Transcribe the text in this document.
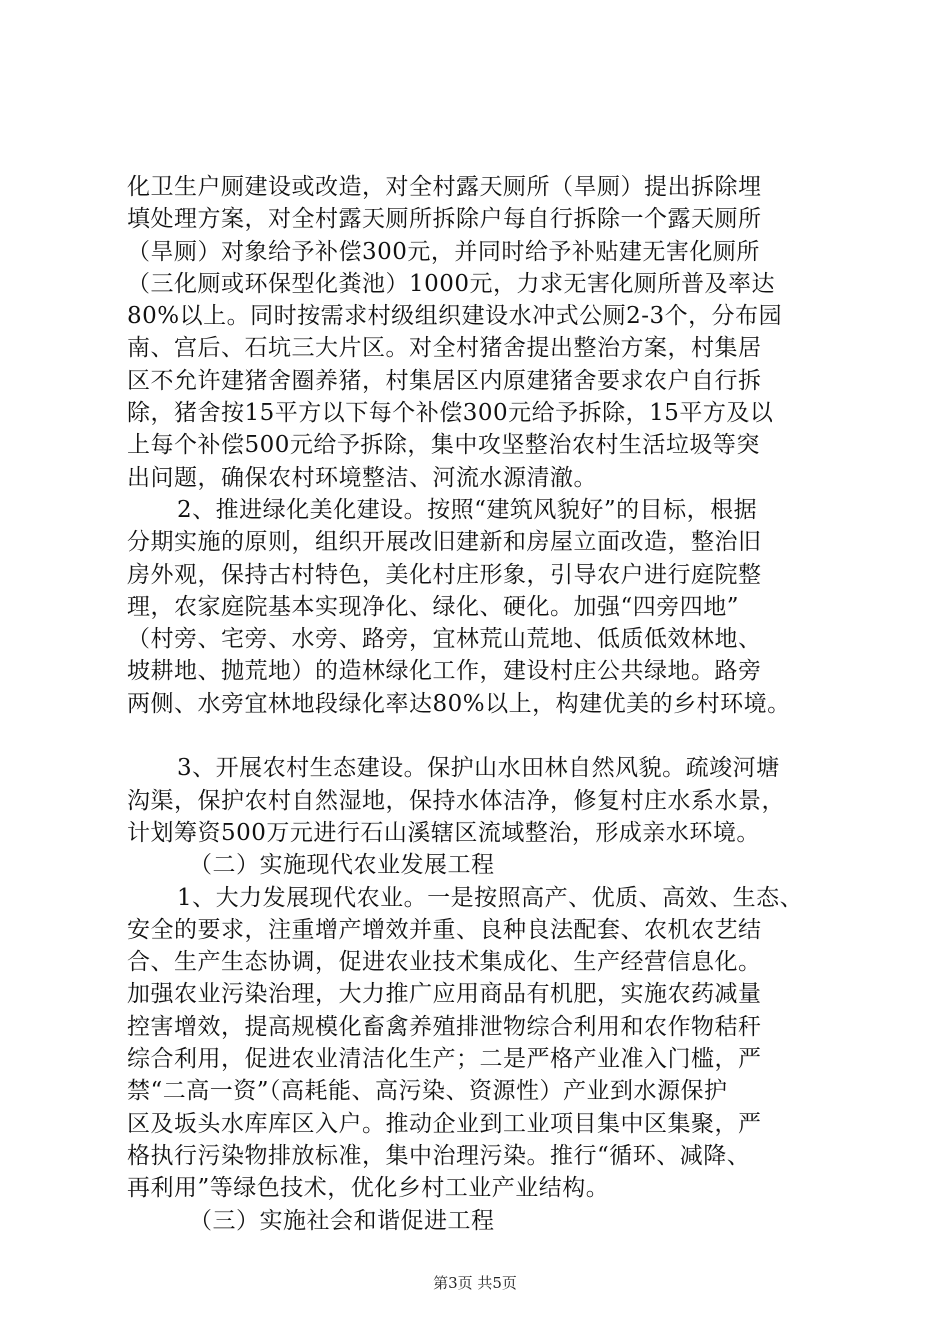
化卫生户厕建设或改造，对全村露天厕所（旱厕）提出拆除埋
填处理方案，对全村露天厕所拆除户每自行拆除一个露天厕所
（旱厕）对象给予补偿300元，并同时给予补贴建无害化厕所
（三化厕或环保型化粪池）1000元，力求无害化厕所普及率达
80%以上。同时按需求村级组织建设水冲式公厕2-3个，分布园
南、宫后、石坑三大片区。对全村猪舍提出整治方案，村集居
区不允许建猪舍圈养猪，村集居区内原建猪舍要求农户自行拆
除，猪舍按15平方以下每个补偿300元给予拆除，15平方及以
上每个补偿500元给予拆除，集中攻坚整治农村生活垃圾等突
出问题，确保农村环境整洁、河流水源清澈。
2、推进绿化美化建设。按照“建筑风貌好”的目标，根据
分期实施的原则，组织开展改旧建新和房屋立面改造，整治旧
房外观，保持古村特色，美化村庄形象，引导农户进行庭院整
理，农家庭院基本实现净化、绿化、硬化。加强“四旁四地”
（村旁、宅旁、水旁、路旁，宜林荒山荒地、低质低效林地、
坡耕地、抛荒地）的造林绿化工作，建设村庄公共绿地。路旁
两侧、水旁宜林地段绿化率达80%以上，构建优美的乡村环境。
3、开展农村生态建设。保护山水田林自然风貌。疏竣河塘
沟渠，保护农村自然湿地，保持水体洁净，修复村庄水系水景，
计划筹资500万元进行石山溪辖区流域整治，形成亲水环境。
（二）实施现代农业发展工程
1、大力发展现代农业。一是按照高产、优质、高效、生态、
安全的要求，注重增产增效并重、良种良法配套、农机农艺结
合、生产生态协调，促进农业技术集成化、生产经营信息化。
加强农业污染治理，大力推广应用商品有机肥，实施农药减量
控害增效，提高规模化畜禽养殖排泄物综合利用和农作物秸秆
综合利用，促进农业清洁化生产；二是严格产业准入门槛，严
禁“二高一资”（高耗能、高污染、资源性）产业到水源保护
区及坂头水库库区入户。推动企业到工业项目集中区集聚，严
格执行污染物排放标准，集中治理污染。推行“循环、减降、
再利用”等绿色技术，优化乡村工业产业结构。
（三）实施社会和谐促进工程
第3页 共5页
